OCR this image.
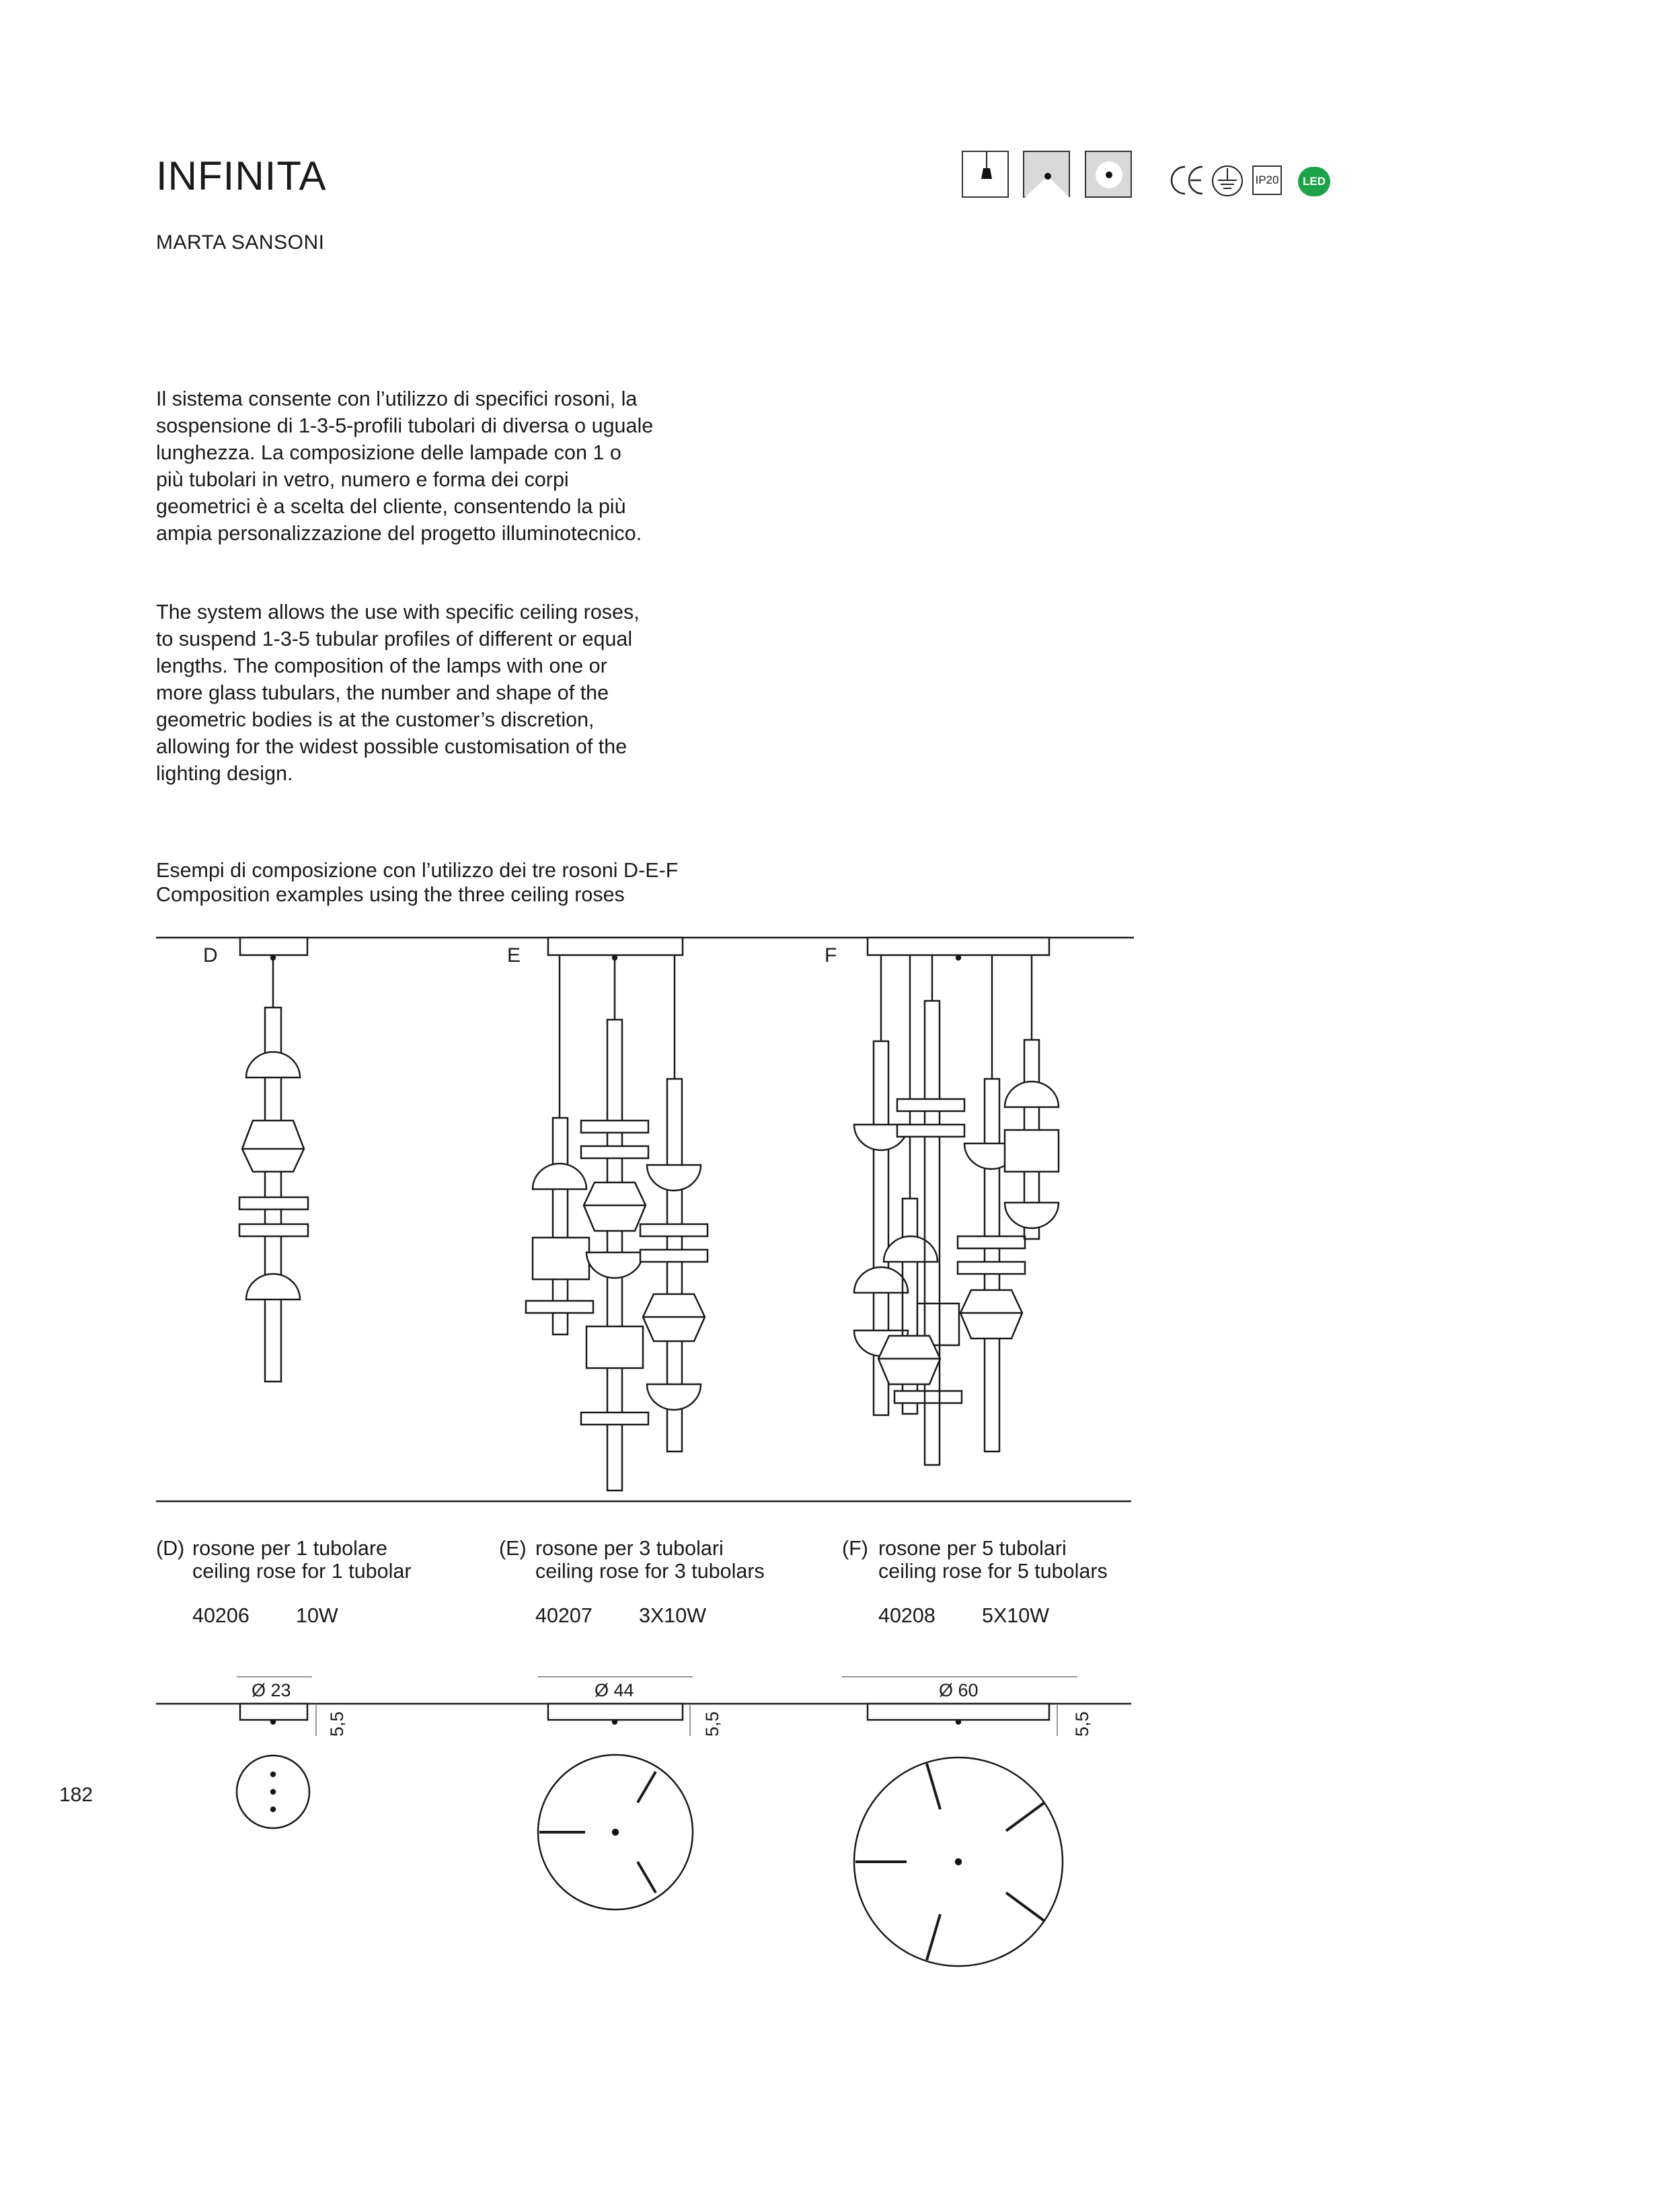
INFINITA
MARTA SANSONI
IP20	LED

Il sistema consente con l’utilizzo di specifici rosoni, la sospensione di 1-3-5-profili tubolari di diversa o uguale lunghezza. La composizione delle lampade con 1 o più tubolari in vetro, numero e forma dei corpi geometrici è a scelta del cliente, consentendo la più ampia personalizzazione del progetto illuminotecnico.

The system allows the use with specific ceiling roses, to suspend 1-3-5 tubular profiles of different or equal lengths. The composition of the lamps with one or more glass tubulars, the number and shape of the geometric bodies is at the customer’s discretion, allowing for the widest possible customisation of the lighting design.

Esempi di composizione con l’utilizzo dei tre rosoni D-E-F
Composition examples using the three ceiling roses
D	E	F
(D) rosone per 1 tubolare
ceiling rose for 1 tubolar
40206 10W
(E) rosone per 3 tubolari
ceiling rose for 3 tubolars
40207 3X10W
(F) rosone per 5 tubolari
ceiling rose for 5 tubolars
40208 5X10W
Ø 23	Ø 44	Ø 60
5,5	5,5	5,5
182
